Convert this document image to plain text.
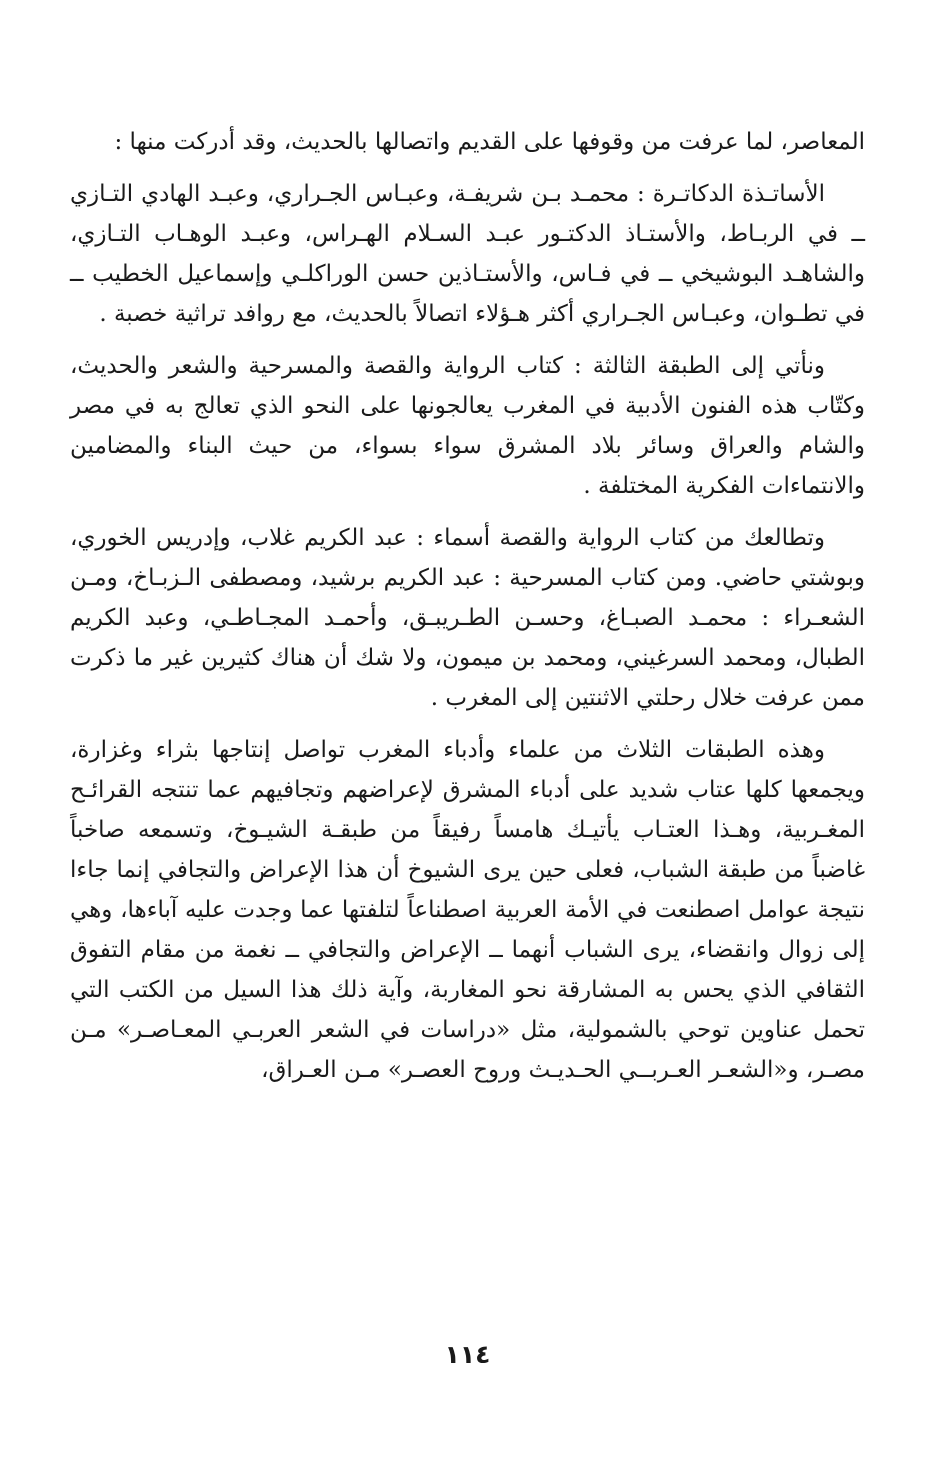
المعاصر، لما عرفت من وقوفها على القديم واتصالها بالحديث، وقد أدركت منها :

الأساتـذة الدكاتـرة : محمـد بـن شريفـة، وعبـاس الجـراري، وعبـد الهادي التـازي ــ في الربـاط، والأستـاذ الدكتـور عبـد السـلام الهـراس، وعبـد الوهـاب التـازي، والشاهـد البوشيخي ــ في فـاس، والأستـاذين حسن الوراكلـي وإسماعيل الخطيب ــ في تطـوان، وعبـاس الجـراري أكثر هـؤلاء اتصالاً بالحديث، مع روافد تراثية خصبة .

ونأتي إلى الطبقة الثالثة : كتاب الرواية والقصة والمسرحية والشعر والحديث، وكتّاب هذه الفنون الأدبية في المغرب يعالجونها على النحو الذي تعالج به في مصر والشام والعراق وسائر بلاد المشرق سواء بسواء، من حيث البناء والمضامين والانتماءات الفكرية المختلفة .

وتطالعك من كتاب الرواية والقصة أسماء : عبد الكريم غلاب، وإدريس الخوري، وبوشتي حاضي. ومن كتاب المسرحية : عبد الكريم برشيد، ومصطفى الـزبـاخ، ومـن الشعـراء : محمـد الصبـاغ، وحسـن الطـريبـق، وأحمـد المجـاطـي، وعبد الكريم الطبال، ومحمد السرغيني، ومحمد بن ميمون، ولا شك أن هناك كثيرين غير ما ذكرت ممن عرفت خلال رحلتي الاثنتين إلى المغرب .

وهذه الطبقات الثلاث من علماء وأدباء المغرب تواصل إنتاجها بثراء وغزارة، ويجمعها كلها عتاب شديد على أدباء المشرق لإعراضهم وتجافيهم عما تنتجه القرائـح المغـربية، وهـذا العتـاب يأتيـك هامساً رفيقاً من طبقـة الشيـوخ، وتسمعه صاخباً غاضباً من طبقة الشباب، فعلى حين يرى الشيوخ أن هذا الإعراض والتجافي إنما جاءا نتيجة عوامل اصطنعت في الأمة العربية اصطناعاً لتلفتها عما وجدت عليه آباءها، وهي إلى زوال وانقضاء، يرى الشباب أنهما ــ الإعراض والتجافي ــ نغمة من مقام التفوق الثقافي الذي يحس به المشارقة نحو المغاربة، وآية ذلك هذا السيل من الكتب التي تحمل عناوين توحي بالشمولية، مثل «دراسات في الشعر العربـي المعـاصـر» مـن مصـر، و«الشعـر العـربــي الحـديـث وروح العصـر» مـن العـراق،

١١٤
